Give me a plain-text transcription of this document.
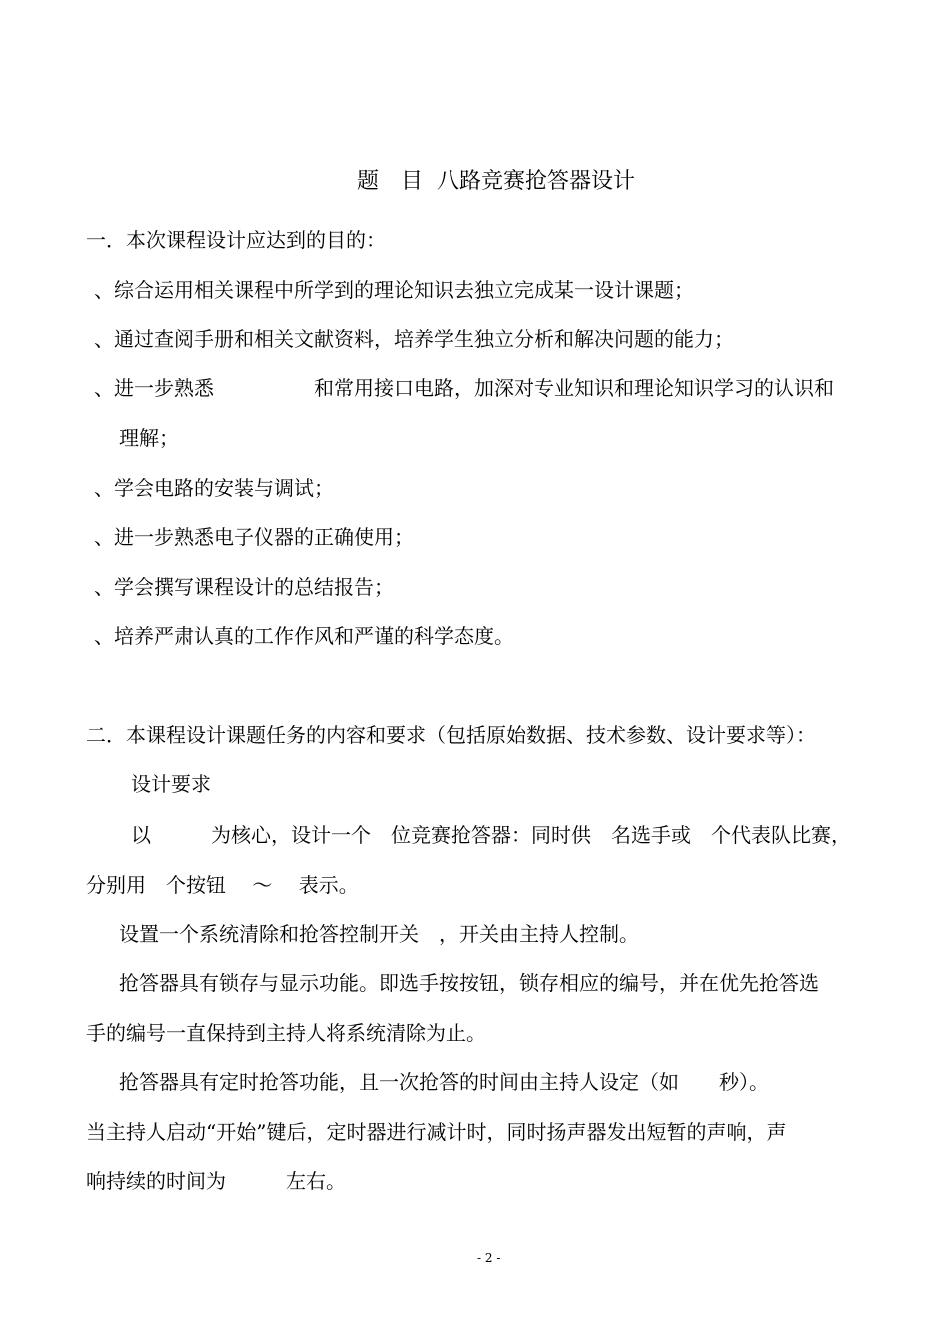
题　目  八路竞赛抢答器设计
一．本次课程设计应达到的目的：
、综合运用相关课程中所学到的理论知识去独立完成某一设计课题；
、通过查阅手册和相关文献资料，培养学生独立分析和解决问题的能力；
、进一步熟悉　　　　　和常用接口电路，加深对专业知识和理论知识学习的认识和
理解；
、学会电路的安装与调试；
、进一步熟悉电子仪器的正确使用；
、学会撰写课程设计的总结报告；
、培养严肃认真的工作作风和严谨的科学态度。
二．本课程设计课题任务的内容和要求（包括原始数据、技术参数、设计要求等）：
设计要求
以　　　为核心，设计一个　位竞赛抢答器：同时供　名选手或　个代表队比赛，
分别用　个按钮　 ～　 表示。
设置一个系统清除和抢答控制开关　，开关由主持人控制。
抢答器具有锁存与显示功能。即选手按按钮，锁存相应的编号，并在优先抢答选
手的编号一直保持到主持人将系统清除为止。
抢答器具有定时抢答功能，且一次抢答的时间由主持人设定（如　　秒）。
当主持人启动“开始”键后，定时器进行减计时，同时扬声器发出短暂的声响，声
响持续的时间为　　　左右。
- 2 -
